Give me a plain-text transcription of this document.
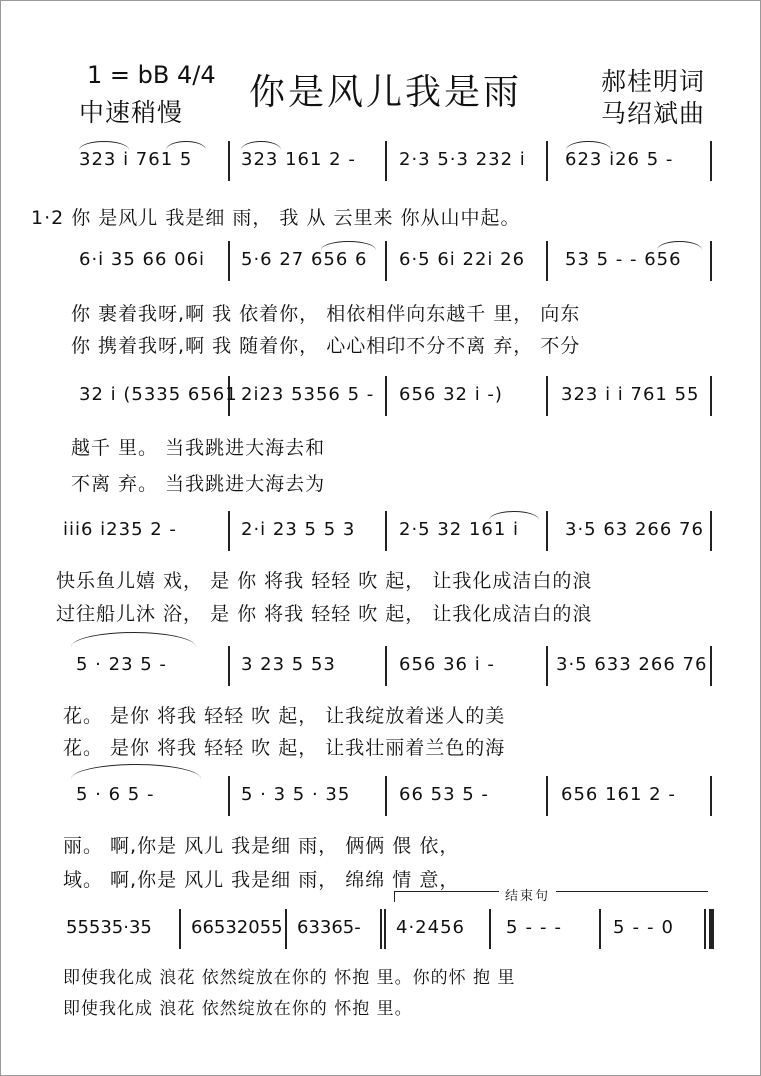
1 = bB 4/4
中速稍慢 你是风儿我是雨	郝桂明词
马绍斌曲
323 i 761 5	323 161 2 - 2·3 5·3 232 i 623 i26 5 -
1·2 你 是风儿 我是细 雨， 我 从 云里来 你从山中起。
6·i 35 66 06i 5·6 27 656 6 6·5 6i 22i 26 53 5 - - 656
你 裹着我呀,啊 我 依着你， 相依相伴向东越千 里， 向东
你 携着我呀,啊 我 随着你， 心心相印不分不离 弃， 不分
32 i (5335 6561 2i23 5356 5 - 656 32 i -)	323 i i 761 55
越千 里。 当我跳进大海去和
不离 弃。 当我跳进大海去为
iii6 i235 2 -	2·i 23 5 5 3 2·5 32 161 i	3·5 63 266 76
快乐鱼儿嬉 戏， 是 你 将我 轻轻 吹 起， 让我化成洁白的浪
过往船儿沐 浴， 是 你 将我 轻轻 吹 起， 让我化成洁白的浪
5 · 23 5 -	3 23 5 53	656 36 i -	3·5 633 266 76
花。 是你 将我 轻轻 吹 起， 让我绽放着迷人的美
花。 是你 将我 轻轻 吹 起， 让我壮丽着兰色的海
5 · 6 5 -	5 · 3 5 · 35	66 53 5 -	656 161 2 -
丽。 啊,你是 风儿 我是细 雨， 俩俩 偎 依，
域。 啊,你是 风儿 我是细 雨， 绵绵 情 意，
结束句
55535·35 66532055 63365- 4·2456 5--- 5--0
即使我化成 浪花 依然绽放在你的 怀抱 里。你的怀 抱 里
即使我化成 浪花 依然绽放在你的 怀抱 里。
